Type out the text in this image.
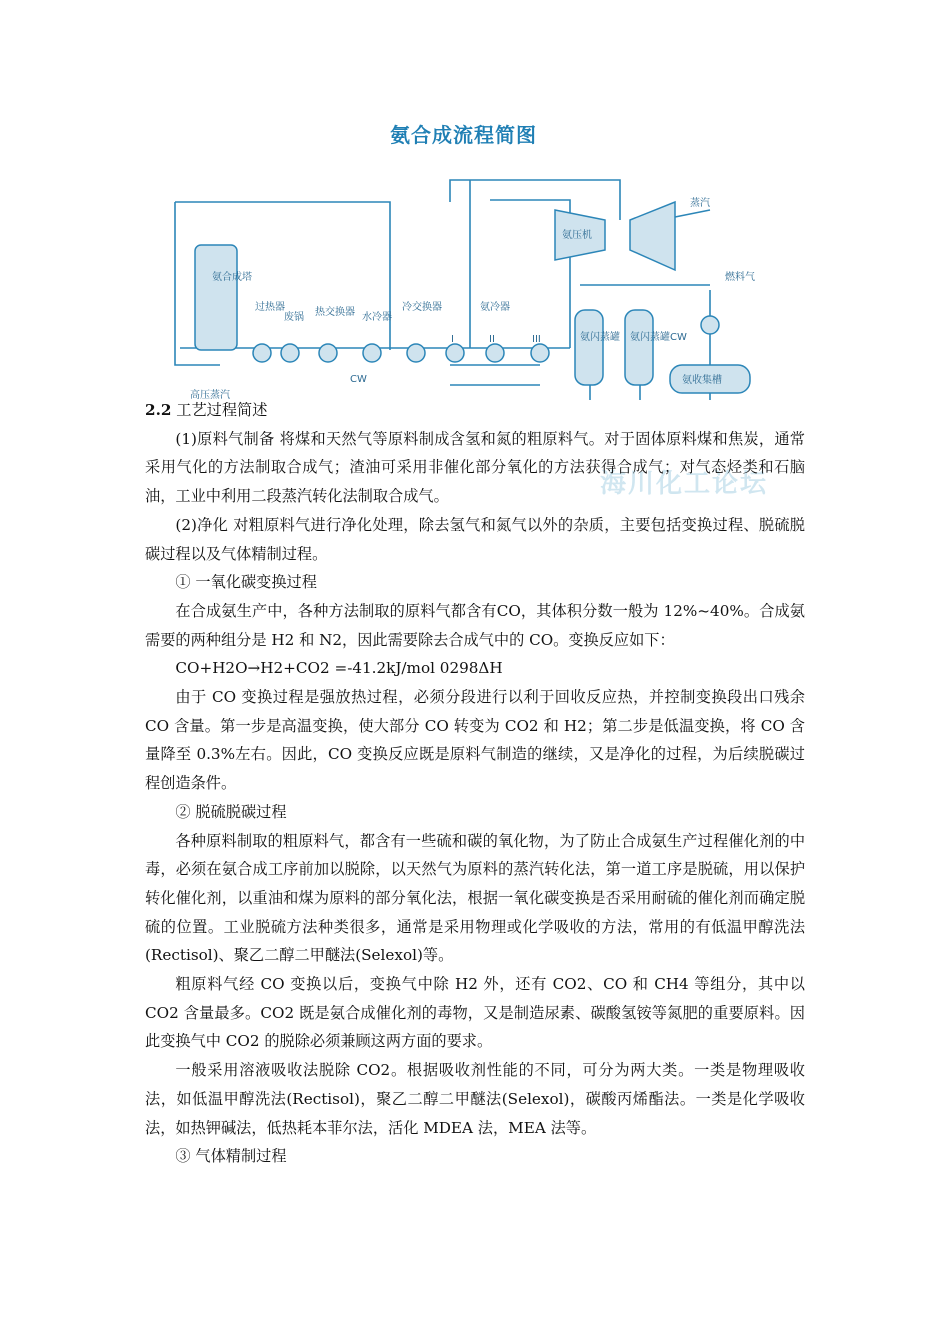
氨合成流程简图
氨合成塔
过热器
废锅 热交换器 水冷器
冷交换器	氨冷器
CW
CW
I	II	III
高压蒸汽
氨闪蒸罐 氨闪蒸罐
氨收集槽
氨压机
蒸汽
燃料气
海川化工论坛

2.2 工艺过程简述

(1)原料气制备 将煤和天然气等原料制成含氢和氮的粗原料气。对于固体原料煤和焦炭，通常采用气化的方法制取合成气；渣油可采用非催化部分氧化的方法获得合成气；对气态烃类和石脑油，工业中利用二段蒸汽转化法制取合成气。

(2)净化 对粗原料气进行净化处理，除去氢气和氮气以外的杂质，主要包括变换过程、脱硫脱碳过程以及气体精制过程。

① 一氧化碳变换过程

在合成氨生产中，各种方法制取的原料气都含有CO，其体积分数一般为 12%~40%。合成氨需要的两种组分是 H2 和 N2，因此需要除去合成气中的 CO。变换反应如下：

CO+H2O→H2+CO2 =-41.2kJ/mol 0298ΔH

由于 CO 变换过程是强放热过程，必须分段进行以利于回收反应热，并控制变换段出口残余 CO 含量。第一步是高温变换，使大部分 CO 转变为 CO2 和 H2；第二步是低温变换，将 CO 含量降至 0.3%左右。因此，CO 变换反应既是原料气制造的继续，又是净化的过程，为后续脱碳过程创造条件。

② 脱硫脱碳过程

各种原料制取的粗原料气，都含有一些硫和碳的氧化物，为了防止合成氨生产过程催化剂的中毒，必须在氨合成工序前加以脱除，以天然气为原料的蒸汽转化法，第一道工序是脱硫，用以保护转化催化剂，以重油和煤为原料的部分氧化法，根据一氧化碳变换是否采用耐硫的催化剂而确定脱硫的位置。工业脱硫方法种类很多，通常是采用物理或化学吸收的方法，常用的有低温甲醇洗法(Rectisol)、聚乙二醇二甲醚法(Selexol)等。

粗原料气经 CO 变换以后，变换气中除 H2 外，还有 CO2、CO 和 CH4 等组分，其中以 CO2 含量最多。CO2 既是氨合成催化剂的毒物，又是制造尿素、碳酸氢铵等氮肥的重要原料。因此变换气中 CO2 的脱除必须兼顾这两方面的要求。

一般采用溶液吸收法脱除 CO2。根据吸收剂性能的不同，可分为两大类。一类是物理吸收法，如低温甲醇洗法(Rectisol)，聚乙二醇二甲醚法(Selexol)，碳酸丙烯酯法。一类是化学吸收法，如热钾碱法，低热耗本菲尔法，活化 MDEA 法，MEA 法等。

③ 气体精制过程
